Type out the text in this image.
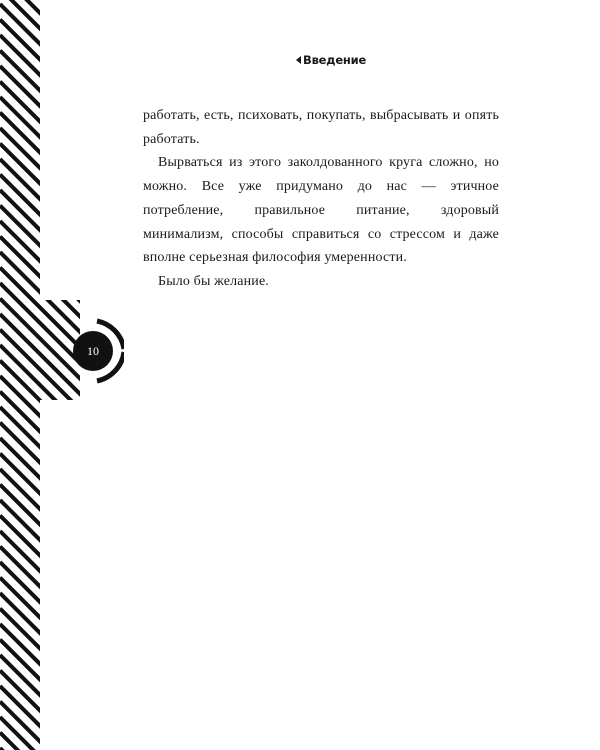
Введение
10

работать, есть, психовать, покупать, выбрасывать и опять работать.

Вырваться из этого заколдованного круга сложно, но можно. Все уже придумано до нас — этичное потребление, правильное питание, здоровый минимализм, способы справиться со стрессом и даже вполне серьезная философия умеренности.

Было бы желание.
